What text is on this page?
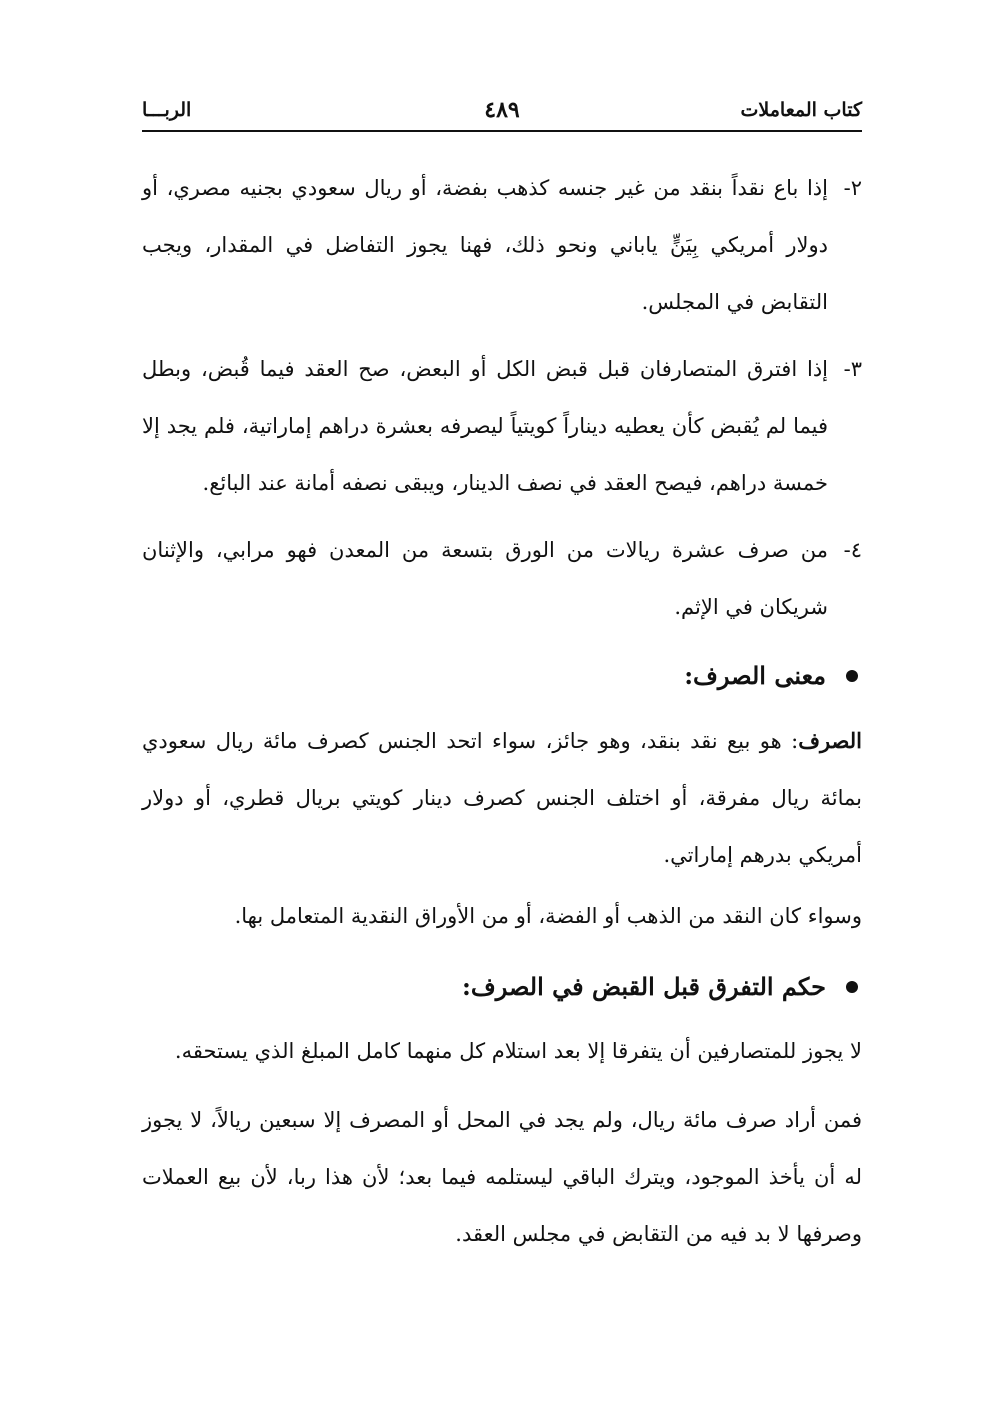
كتاب المعاملات
٤٨٩
الربـــا
٢-

إذا باع نقداً بنقد من غير جنسه كذهب بفضة، أو ريال سعودي بجنيه مصري، أو دولار أمريكي بِيَنٍّ ياباني ونحو ذلك، فهنا يجوز التفاضل في المقدار، ويجب التقابض في المجلس.

٣-

إذا افترق المتصارفان قبل قبض الكل أو البعض، صح العقد فيما قُبض، وبطل فيما لم يُقبض كأن يعطيه ديناراً كويتياً ليصرفه بعشرة دراهم إماراتية، فلم يجد إلا خمسة دراهم، فيصح العقد في نصف الدينار، ويبقى نصفه أمانة عند البائع.

٤-

من صرف عشرة ريالات من الورق بتسعة من المعدن فهو مرابي، والإثنان شريكان في الإثم.

معنى الصرف:

الصرف: هو بيع نقد بنقد، وهو جائز، سواء اتحد الجنس كصرف مائة ريال سعودي بمائة ريال مفرقة، أو اختلف الجنس كصرف دينار كويتي بريال قطري، أو دولار أمريكي بدرهم إماراتي.

وسواء كان النقد من الذهب أو الفضة، أو من الأوراق النقدية المتعامل بها.

حكم التفرق قبل القبض في الصرف:

لا يجوز للمتصارفين أن يتفرقا إلا بعد استلام كل منهما كامل المبلغ الذي يستحقه.

فمن أراد صرف مائة ريال، ولم يجد في المحل أو المصرف إلا سبعين ريالاً، لا يجوز له أن يأخذ الموجود، ويترك الباقي ليستلمه فيما بعد؛ لأن هذا ربا، لأن بيع العملات وصرفها لا بد فيه من التقابض في مجلس العقد.
